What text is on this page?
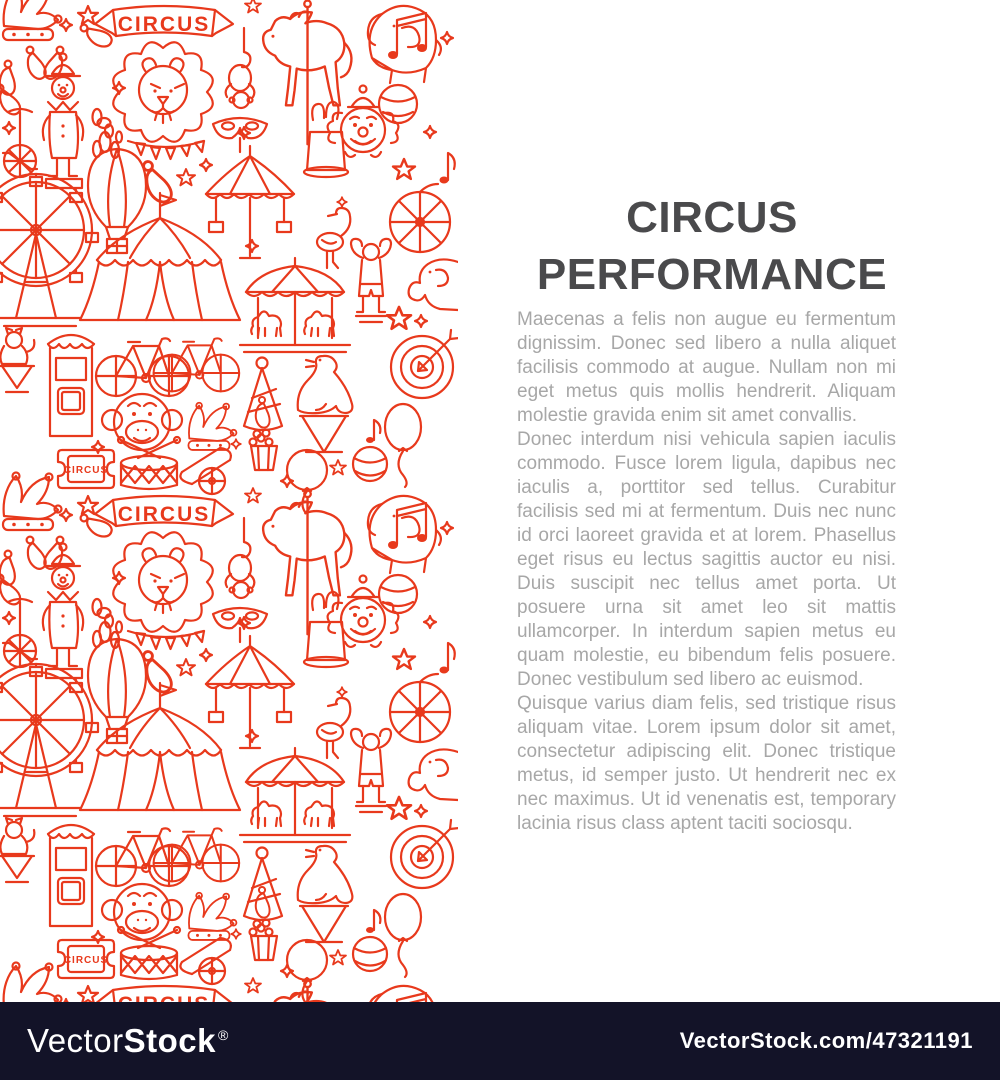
CIRCUS
CIRCUS
CIRCUS
PERFORMANCE

Maecenas a felis non augue eu fermentum dignissim. Donec sed libero a nulla aliquet facilisis commodo at augue. Nullam non mi eget metus quis mollis hendrerit. Aliquam molestie gravida enim sit amet convallis.

Donec interdum nisi vehicula sapien iaculis commodo. Fusce lorem ligula, dapibus nec iaculis a, porttitor sed tellus. Curabitur facilisis sed mi at fermentum. Duis nec nunc id orci laoreet gravida et at lorem. Phasellus eget risus eu lectus sagittis auctor eu nisi. Duis suscipit nec tellus amet porta. Ut posuere urna sit amet leo sit mattis ullamcorper. In interdum sapien metus eu quam molestie, eu bibendum felis posuere. Donec vestibulum sed libero ac euismod.

Quisque varius diam felis, sed tristique risus aliquam vitae. Lorem ipsum dolor sit amet, consectetur adipiscing elit. Donec tristique metus, id semper justo. Ut hendrerit nec ex nec maximus. Ut id venenatis est, temporary lacinia risus class aptent taciti sociosqu.

VectorStock ®	VectorStock.com/47321191
